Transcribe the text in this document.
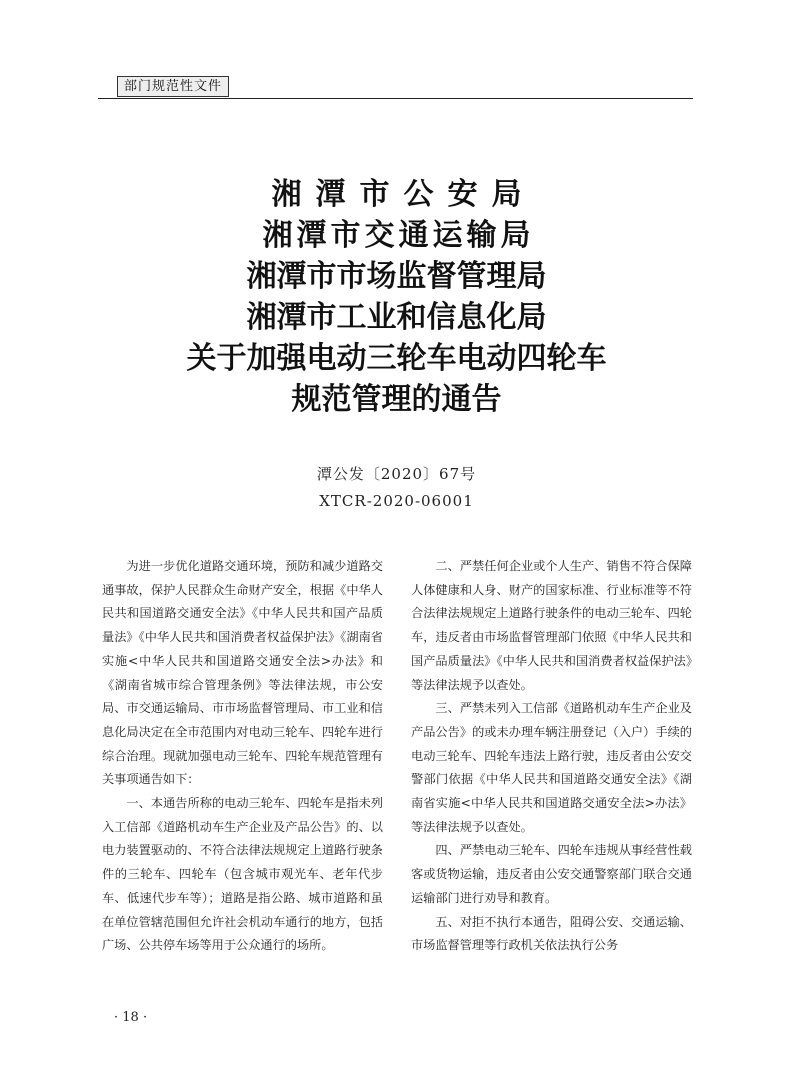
部门规范性文件
湘潭市公安局
湘潭市交通运输局
湘潭市市场监督管理局
湘潭市工业和信息化局
关于加强电动三轮车电动四轮车
规范管理的通告
潭公发〔2020〕67号
XTCR-2020-06001

为进一步优化道路交通环境，预防和减少道路交通事故，保护人民群众生命财产安全，根据《中华人民共和国道路交通安全法》《中华人民共和国产品质量法》《中华人民共和国消费者权益保护法》《湖南省实施<中华人民共和国道路交通安全法>办法》和《湖南省城市综合管理条例》等法律法规，市公安局、市交通运输局、市市场监督管理局、市工业和信息化局决定在全市范围内对电动三轮车、四轮车进行综合治理。现就加强电动三轮车、四轮车规范管理有关事项通告如下：

一、本通告所称的电动三轮车、四轮车是指未列入工信部《道路机动车生产企业及产品公告》的、以电力装置驱动的、不符合法律法规规定上道路行驶条件的三轮车、四轮车（包含城市观光车、老年代步车、低速代步车等）；道路是指公路、城市道路和虽在单位管辖范围但允许社会机动车通行的地方，包括广场、公共停车场等用于公众通行的场所。

二、严禁任何企业或个人生产、销售不符合保障人体健康和人身、财产的国家标准、行业标准等不符合法律法规规定上道路行驶条件的电动三轮车、四轮车，违反者由市场监督管理部门依照《中华人民共和国产品质量法》《中华人民共和国消费者权益保护法》等法律法规予以查处。

三、严禁未列入工信部《道路机动车生产企业及产品公告》的或未办理车辆注册登记（入户）手续的电动三轮车、四轮车违法上路行驶，违反者由公安交警部门依据《中华人民共和国道路交通安全法》《湖南省实施<中华人民共和国道路交通安全法>办法》等法律法规予以查处。

四、严禁电动三轮车、四轮车违规从事经营性载客或货物运输，违反者由公安交通警察部门联合交通运输部门进行劝导和教育。

五、对拒不执行本通告，阻碍公安、交通运输、市场监督管理等行政机关依法执行公务

· 18 ·
